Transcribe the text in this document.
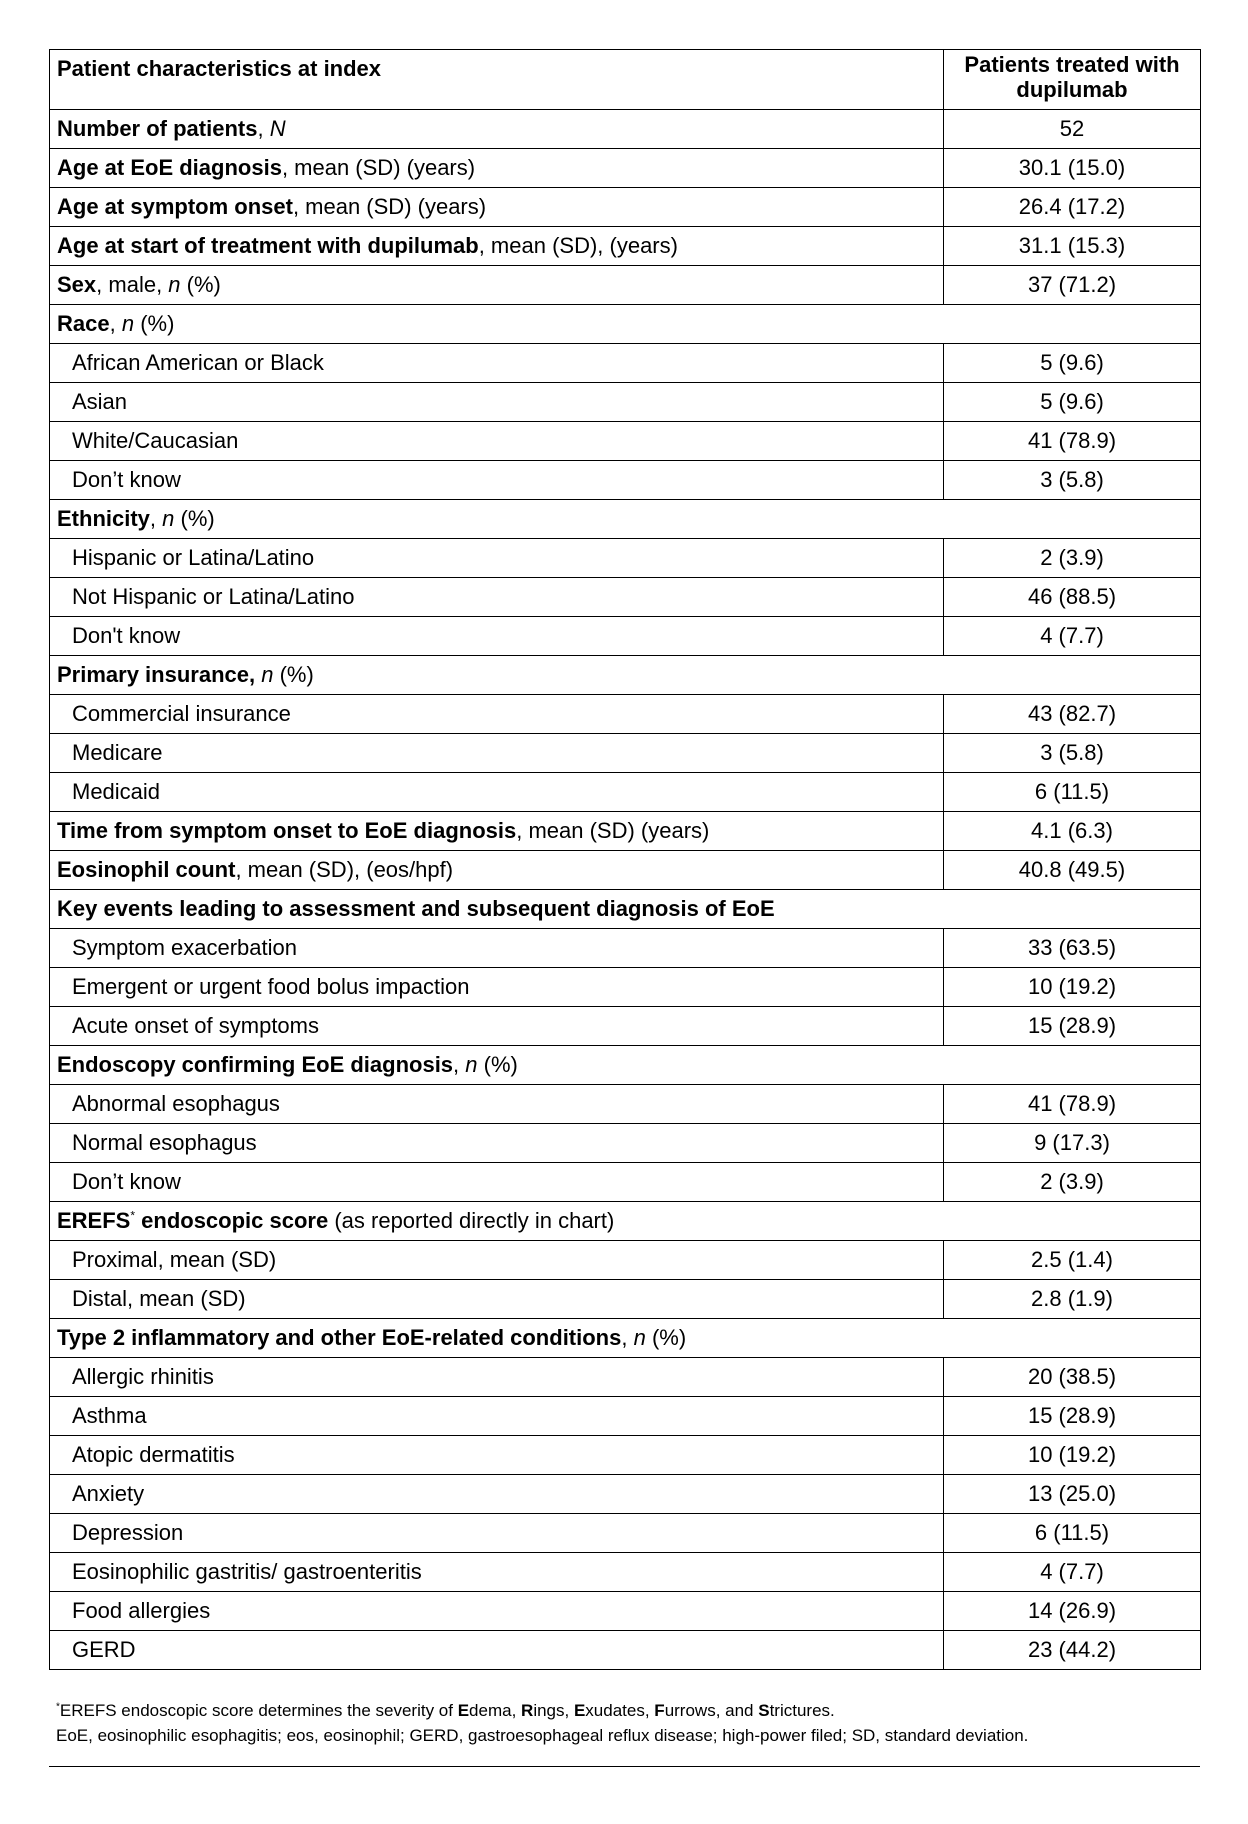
Patient characteristics at index	Patients treated with dupilumab
Number of patients, N	52
Age at EoE diagnosis, mean (SD) (years)	30.1 (15.0)
Age at symptom onset, mean (SD) (years)	26.4 (17.2)
Age at start of treatment with dupilumab, mean (SD), (years)	31.1 (15.3)
Sex, male, n (%)	37 (71.2)
Race, n (%)	
African American or Black	5 (9.6)
Asian	5 (9.6)
White/Caucasian	41 (78.9)
Don’t know	3 (5.8)
Ethnicity, n (%)	
Hispanic or Latina/Latino	2 (3.9)
Not Hispanic or Latina/Latino	46 (88.5)
Don't know	4 (7.7)
Primary insurance, n (%)	
Commercial insurance	43 (82.7)
Medicare	3 (5.8)
Medicaid	6 (11.5)
Time from symptom onset to EoE diagnosis, mean (SD) (years)	4.1 (6.3)
Eosinophil count, mean (SD), (eos/hpf)	40.8 (49.5)
Key events leading to assessment and subsequent diagnosis of EoE	
Symptom exacerbation	33 (63.5)
Emergent or urgent food bolus impaction	10 (19.2)
Acute onset of symptoms	15 (28.9)
Endoscopy confirming EoE diagnosis, n (%)	
Abnormal esophagus	41 (78.9)
Normal esophagus	9 (17.3)
Don’t know	2 (3.9)
EREFS* endoscopic score (as reported directly in chart)	
Proximal, mean (SD)	2.5 (1.4)
Distal, mean (SD)	2.8 (1.9)
Type 2 inflammatory and other EoE-related conditions, n (%)	
Allergic rhinitis	20 (38.5)
Asthma	15 (28.9)
Atopic dermatitis	10 (19.2)
Anxiety	13 (25.0)
Depression	6 (11.5)
Eosinophilic gastritis/ gastroenteritis	4 (7.7)
Food allergies	14 (26.9)
GERD	23 (44.2)
*EREFS endoscopic score determines the severity of Edema, Rings, Exudates, Furrows, and Strictures.
EoE, eosinophilic esophagitis; eos, eosinophil; GERD, gastroesophageal reflux disease; high-power filed; SD, standard deviation.
